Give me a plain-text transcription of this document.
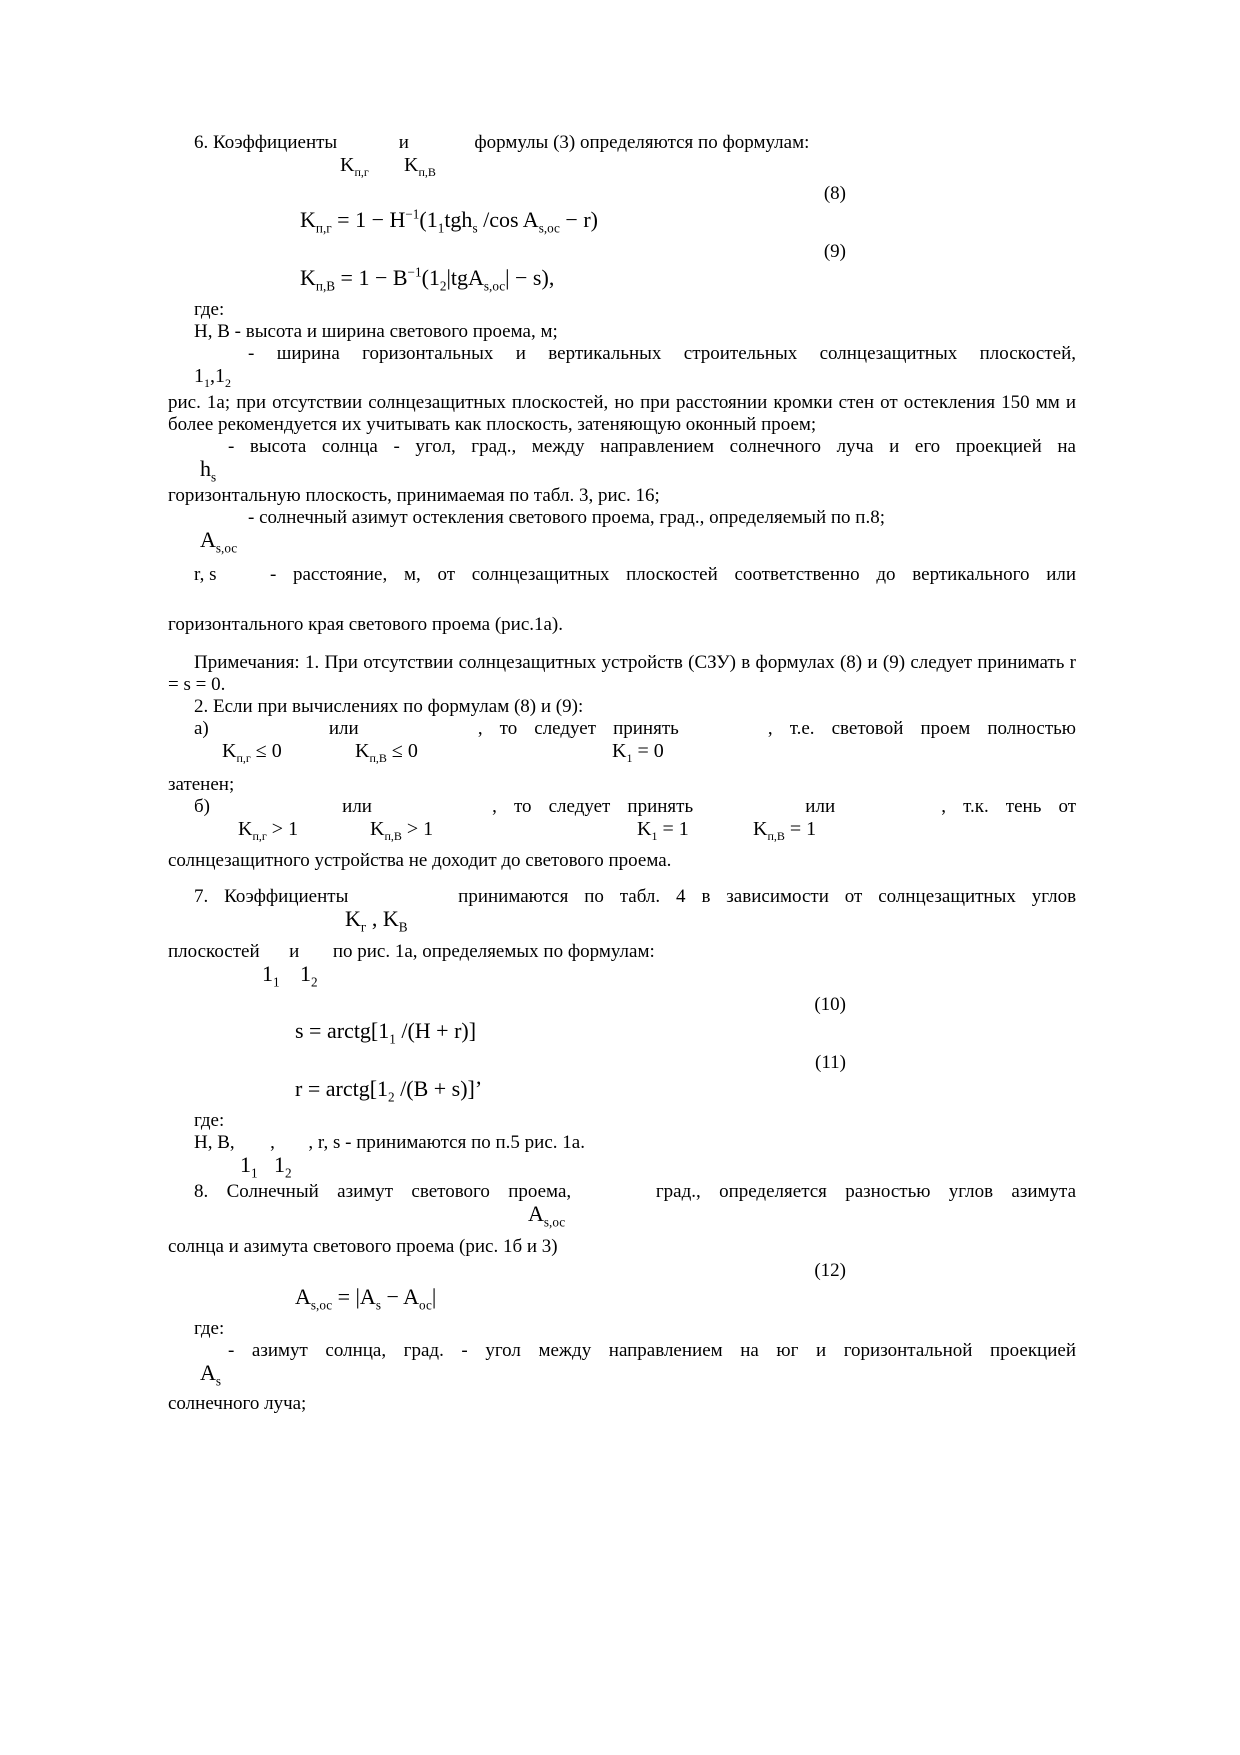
6. Коэффициенты	и	формулы (3) определяются по формулам:
$K_{п,г}$ $K_{п,В}$
(8)
$K_{п,г} = 1 - H^{-1}(1_1tgh_s$ /cos $A_{s,ос} - r$)
(9)
$K_{п,В} = 1 - B^{-1}(1_2|tgA_{s,ос}| - s)$,
где:
Н, В - высота и ширина светового проема, м;
- ширина горизонтальных и вертикальных строительных солнцезащитных плоскостей,
$1_1,1_2$
рис. 1а; при отсутствии солнцезащитных плоскостей, но при расстоянии кромки стен от остекления 150 мм и более рекомендуется их учитывать как плоскость, затеняющую оконный проем;
- высота солнца - угол, град., между направлением солнечного луча и его проекцией на
$h_s$
горизонтальную плоскость, принимаемая по табл. 3, рис. 16;
- солнечный азимут остекления светового проема, град., определяемый по п.8;
$A_{s,ос}$
r, s	- расстояние, м, от солнцезащитных плоскостей соответственно до вертикального или
горизонтального края светового проема (рис.1а).
Примечания: 1. При отсутствии солнцезащитных устройств (СЗУ) в формулах (8) и (9) следует принимать r = s = 0.
2. Если при вычислениях по формулам (8) и (9):
а)	или	, то следует принять	, т.е. световой проем полностью
$K_{п,г} \le 0$	$K_{п,В} \le 0$	$K_1 = 0$
затенен;
б)	или	, то следует принять	или	, т.к. тень от
$K_{п,г} > 1$	$K_{п,В} > 1$	$K_1 = 1$	$K_{п,В} = 1$
солнцезащитного устройства не доходит до светового проема.
7. Коэффициенты	принимаются по табл. 4 в зависимости от солнцезащитных углов
$K_г$ , $K_В$
плоскостей и по рис. 1а, определяемых по формулам:
$1_1$ $1_2$
(10)
$s = arctg[1_1$ /(H + r)]
(11)
$r = arctg[1_2$ /(B + s)]’
где:
Н, В, , , r, s - принимаются по п.5 рис. 1а.
$1_1$ $1_2$
8. Солнечный азимут светового проема,	град., определяется разностью углов азимута
$A_{s,ос}$
солнца и азимута светового проема (рис. 1б и 3)
(12)
$A_{s,ос} = |A_s - A_{ос}|$
где:
- азимут солнца, град. - угол между направлением на юг и горизонтальной проекцией
$A_s$
солнечного луча;
